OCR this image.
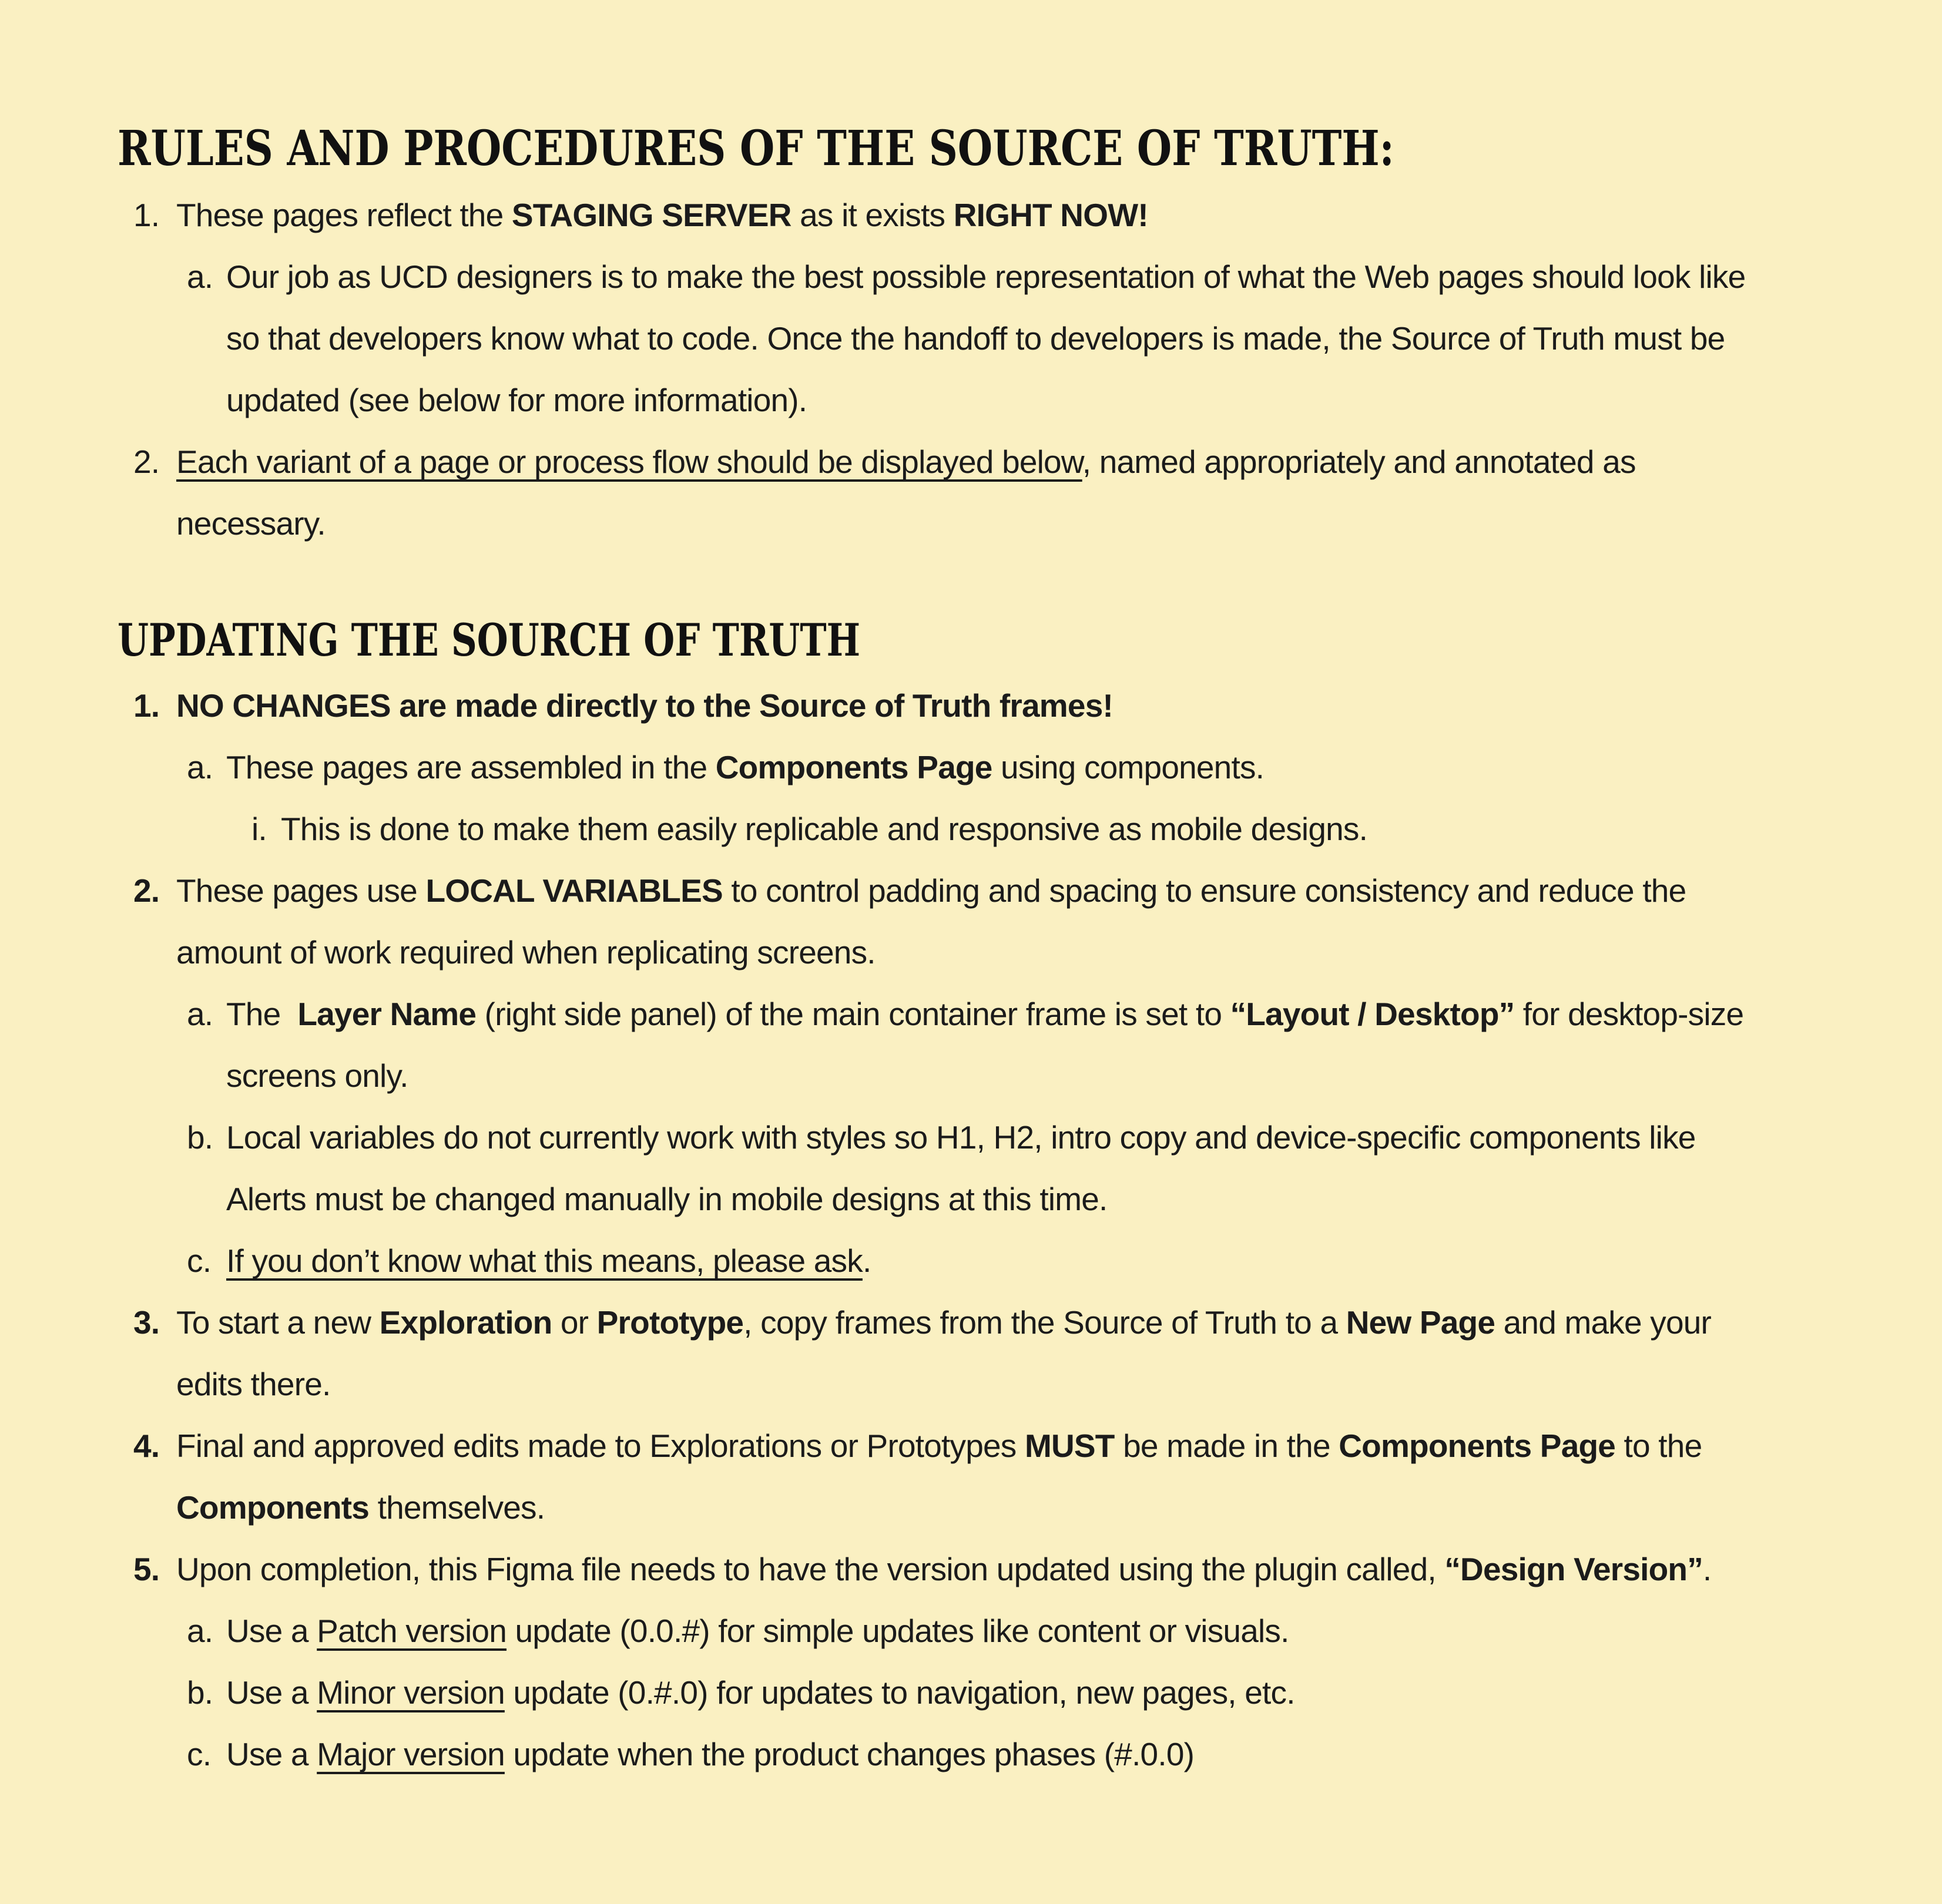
RULES AND PROCEDURES OF THE SOURCE OF TRUTH:
1. These pages reflect the STAGING SERVER as it exists RIGHT NOW!
a. Our job as UCD designers is to make the best possible representation of what the Web pages should look like
so that developers know what to code. Once the handoff to developers is made, the Source of Truth must be
updated (see below for more information).
2. Each variant of a page or process flow should be displayed below, named appropriately and annotated as
necessary.
UPDATING THE SOURCH OF TRUTH
1. NO CHANGES are made directly to the Source of Truth frames!
a. These pages are assembled in the Components Page using components.
i. This is done to make them easily replicable and responsive as mobile designs.
2. These pages use LOCAL VARIABLES to control padding and spacing to ensure consistency and reduce the
amount of work required when replicating screens.
a. The  Layer Name (right side panel) of the main container frame is set to “Layout / Desktop” for desktop-size
screens only.
b. Local variables do not currently work with styles so H1, H2, intro copy and device-specific components like
Alerts must be changed manually in mobile designs at this time.
c. If you don’t know what this means, please ask.
3. To start a new Exploration or Prototype, copy frames from the Source of Truth to a New Page and make your
edits there.
4. Final and approved edits made to Explorations or Prototypes MUST be made in the Components Page to the
Components themselves.
5. Upon completion, this Figma file needs to have the version updated using the plugin called, “Design Version”.
a. Use a Patch version update (0.0.#) for simple updates like content or visuals.
b. Use a Minor version update (0.#.0) for updates to navigation, new pages, etc.
c. Use a Major version update when the product changes phases (#.0.0)
